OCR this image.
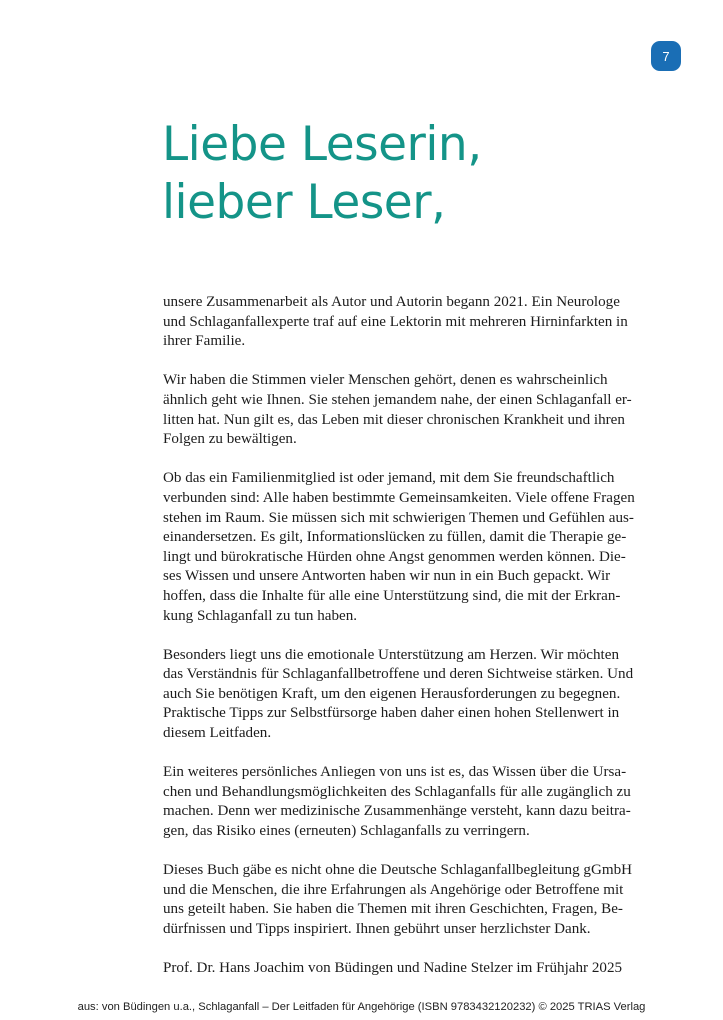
7
Liebe Leserin,
lieber Leser,

unsere Zusammenarbeit als Autor und Autorin begann 2021. Ein Neurologe
und Schlaganfallexperte traf auf eine Lektorin mit mehreren Hirninfarkten in
ihrer Familie.

Wir haben die Stimmen vieler Menschen gehört, denen es wahrscheinlich
ähnlich geht wie Ihnen. Sie stehen jemandem nahe, der einen Schlaganfall er-
litten hat. Nun gilt es, das Leben mit dieser chronischen Krankheit und ihren
Folgen zu bewältigen.

Ob das ein Familienmitglied ist oder jemand, mit dem Sie freundschaftlich
verbunden sind: Alle haben bestimmte Gemeinsamkeiten. Viele offene Fragen
stehen im Raum. Sie müssen sich mit schwierigen Themen und Gefühlen aus-
einandersetzen. Es gilt, Informationslücken zu füllen, damit die Therapie ge-
lingt und bürokratische Hürden ohne Angst genommen werden können. Die-
ses Wissen und unsere Antworten haben wir nun in ein Buch gepackt. Wir
hoffen, dass die Inhalte für alle eine Unterstützung sind, die mit der Erkran-
kung Schlaganfall zu tun haben.

Besonders liegt uns die emotionale Unterstützung am Herzen. Wir möchten
das Verständnis für Schlaganfallbetroffene und deren Sichtweise stärken. Und
auch Sie benötigen Kraft, um den eigenen Herausforderungen zu begegnen.
Praktische Tipps zur Selbstfürsorge haben daher einen hohen Stellenwert in
diesem Leitfaden.

Ein weiteres persönliches Anliegen von uns ist es, das Wissen über die Ursa-
chen und Behandlungsmöglichkeiten des Schlaganfalls für alle zugänglich zu
machen. Denn wer medizinische Zusammenhänge versteht, kann dazu beitra-
gen, das Risiko eines (erneuten) Schlaganfalls zu verringern.

Dieses Buch gäbe es nicht ohne die Deutsche Schlaganfallbegleitung gGmbH
und die Menschen, die ihre Erfahrungen als Angehörige oder Betroffene mit
uns geteilt haben. Sie haben die Themen mit ihren Geschichten, Fragen, Be-
dürfnissen und Tipps inspiriert. Ihnen gebührt unser herzlichster Dank.

Prof. Dr. Hans Joachim von Büdingen und Nadine Stelzer im Frühjahr 2025

aus: von Büdingen u.a., Schlaganfall – Der Leitfaden für Angehörige (ISBN 9783432120232) © 2025 TRIAS Verlag
